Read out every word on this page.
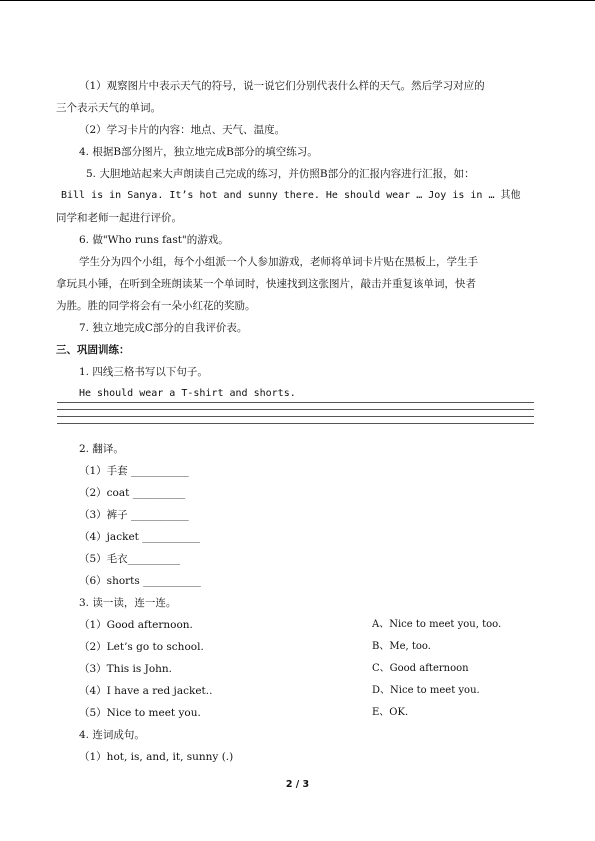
（1）观察图片中表示天气的符号，说一说它们分别代表什么样的天气。然后学习对应的
三个表示天气的单词。
（2）学习卡片的内容：地点、天气、温度。
4. 根据B部分图片，独立地完成B部分的填空练习。
5. 大胆地站起来大声朗读自己完成的练习，并仿照B部分的汇报内容进行汇报，如：
Bill is in Sanya. It’s hot and sunny there. He should wear … Joy is in … 其他
同学和老师一起进行评价。
6. 做"Who runs fast"的游戏。
学生分为四个小组，每个小组派一个人参加游戏，老师将单词卡片贴在黑板上，学生手
拿玩具小锤，在听到全班朗读某一个单词时，快速找到这张图片，敲击并重复该单词，快者
为胜。胜的同学将会有一朵小红花的奖励。
7. 独立地完成C部分的自我评价表。
三、巩固训练：
1. 四线三格书写以下句子。
He should wear a T-shirt and shorts.
2. 翻译。
（1）手套 ___________
（2）coat __________
（3）裤子 ___________
（4）jacket ___________
（5）毛衣__________
（6）shorts ___________
3. 读一读，连一连。
（1）Good afternoon.
（2）Let’s go to school.
（3）This is John.
（4）I have a red jacket..
（5）Nice to meet you.
A、Nice to meet you, too.
B、Me, too.
C、Good afternoon
D、Nice to meet you.
E、OK.
4. 连词成句。
（1）hot, is, and, it, sunny (.)
2 / 3
